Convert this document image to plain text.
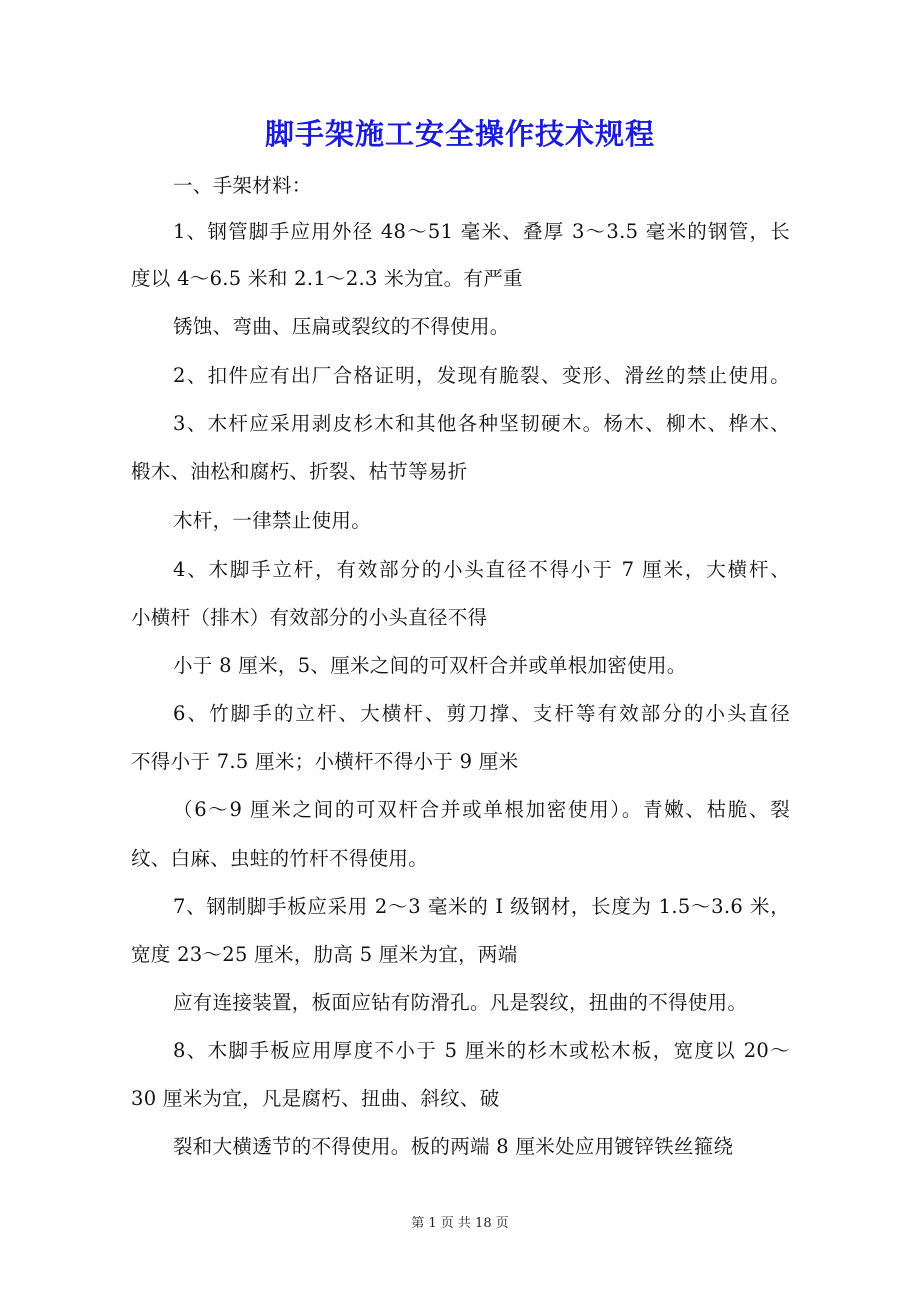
脚手架施工安全操作技术规程
一、手架材料：
1、钢管脚手应用外径 48～51 毫米、叠厚 3～3.5 毫米的钢管，长
度以 4～6.5 米和 2.1～2.3 米为宜。有严重
锈蚀、弯曲、压扁或裂纹的不得使用。
2、扣件应有出厂合格证明，发现有脆裂、变形、滑丝的禁止使用。
3、木杆应采用剥皮杉木和其他各种坚韧硬木。杨木、柳木、桦木、
椴木、油松和腐朽、折裂、枯节等易折
木杆，一律禁止使用。
4、木脚手立杆，有效部分的小头直径不得小于 7 厘米，大横杆、
小横杆（排木）有效部分的小头直径不得
小于 8 厘米，5、厘米之间的可双杆合并或单根加密使用。
6、竹脚手的立杆、大横杆、剪刀撑、支杆等有效部分的小头直径
不得小于 7.5 厘米；小横杆不得小于 9 厘米
（6～9 厘米之间的可双杆合并或单根加密使用）。青嫩、枯脆、裂
纹、白麻、虫蛀的竹杆不得使用。
7、钢制脚手板应采用 2～3 毫米的 I 级钢材，长度为 1.5～3.6 米，
宽度 23～25 厘米，肋高 5 厘米为宜，两端
应有连接装置，板面应钻有防滑孔。凡是裂纹，扭曲的不得使用。
8、木脚手板应用厚度不小于 5 厘米的杉木或松木板，宽度以 20～
30 厘米为宜，凡是腐朽、扭曲、斜纹、破
裂和大横透节的不得使用。板的两端 8 厘米处应用镀锌铁丝箍绕
第 1 页 共 18 页
